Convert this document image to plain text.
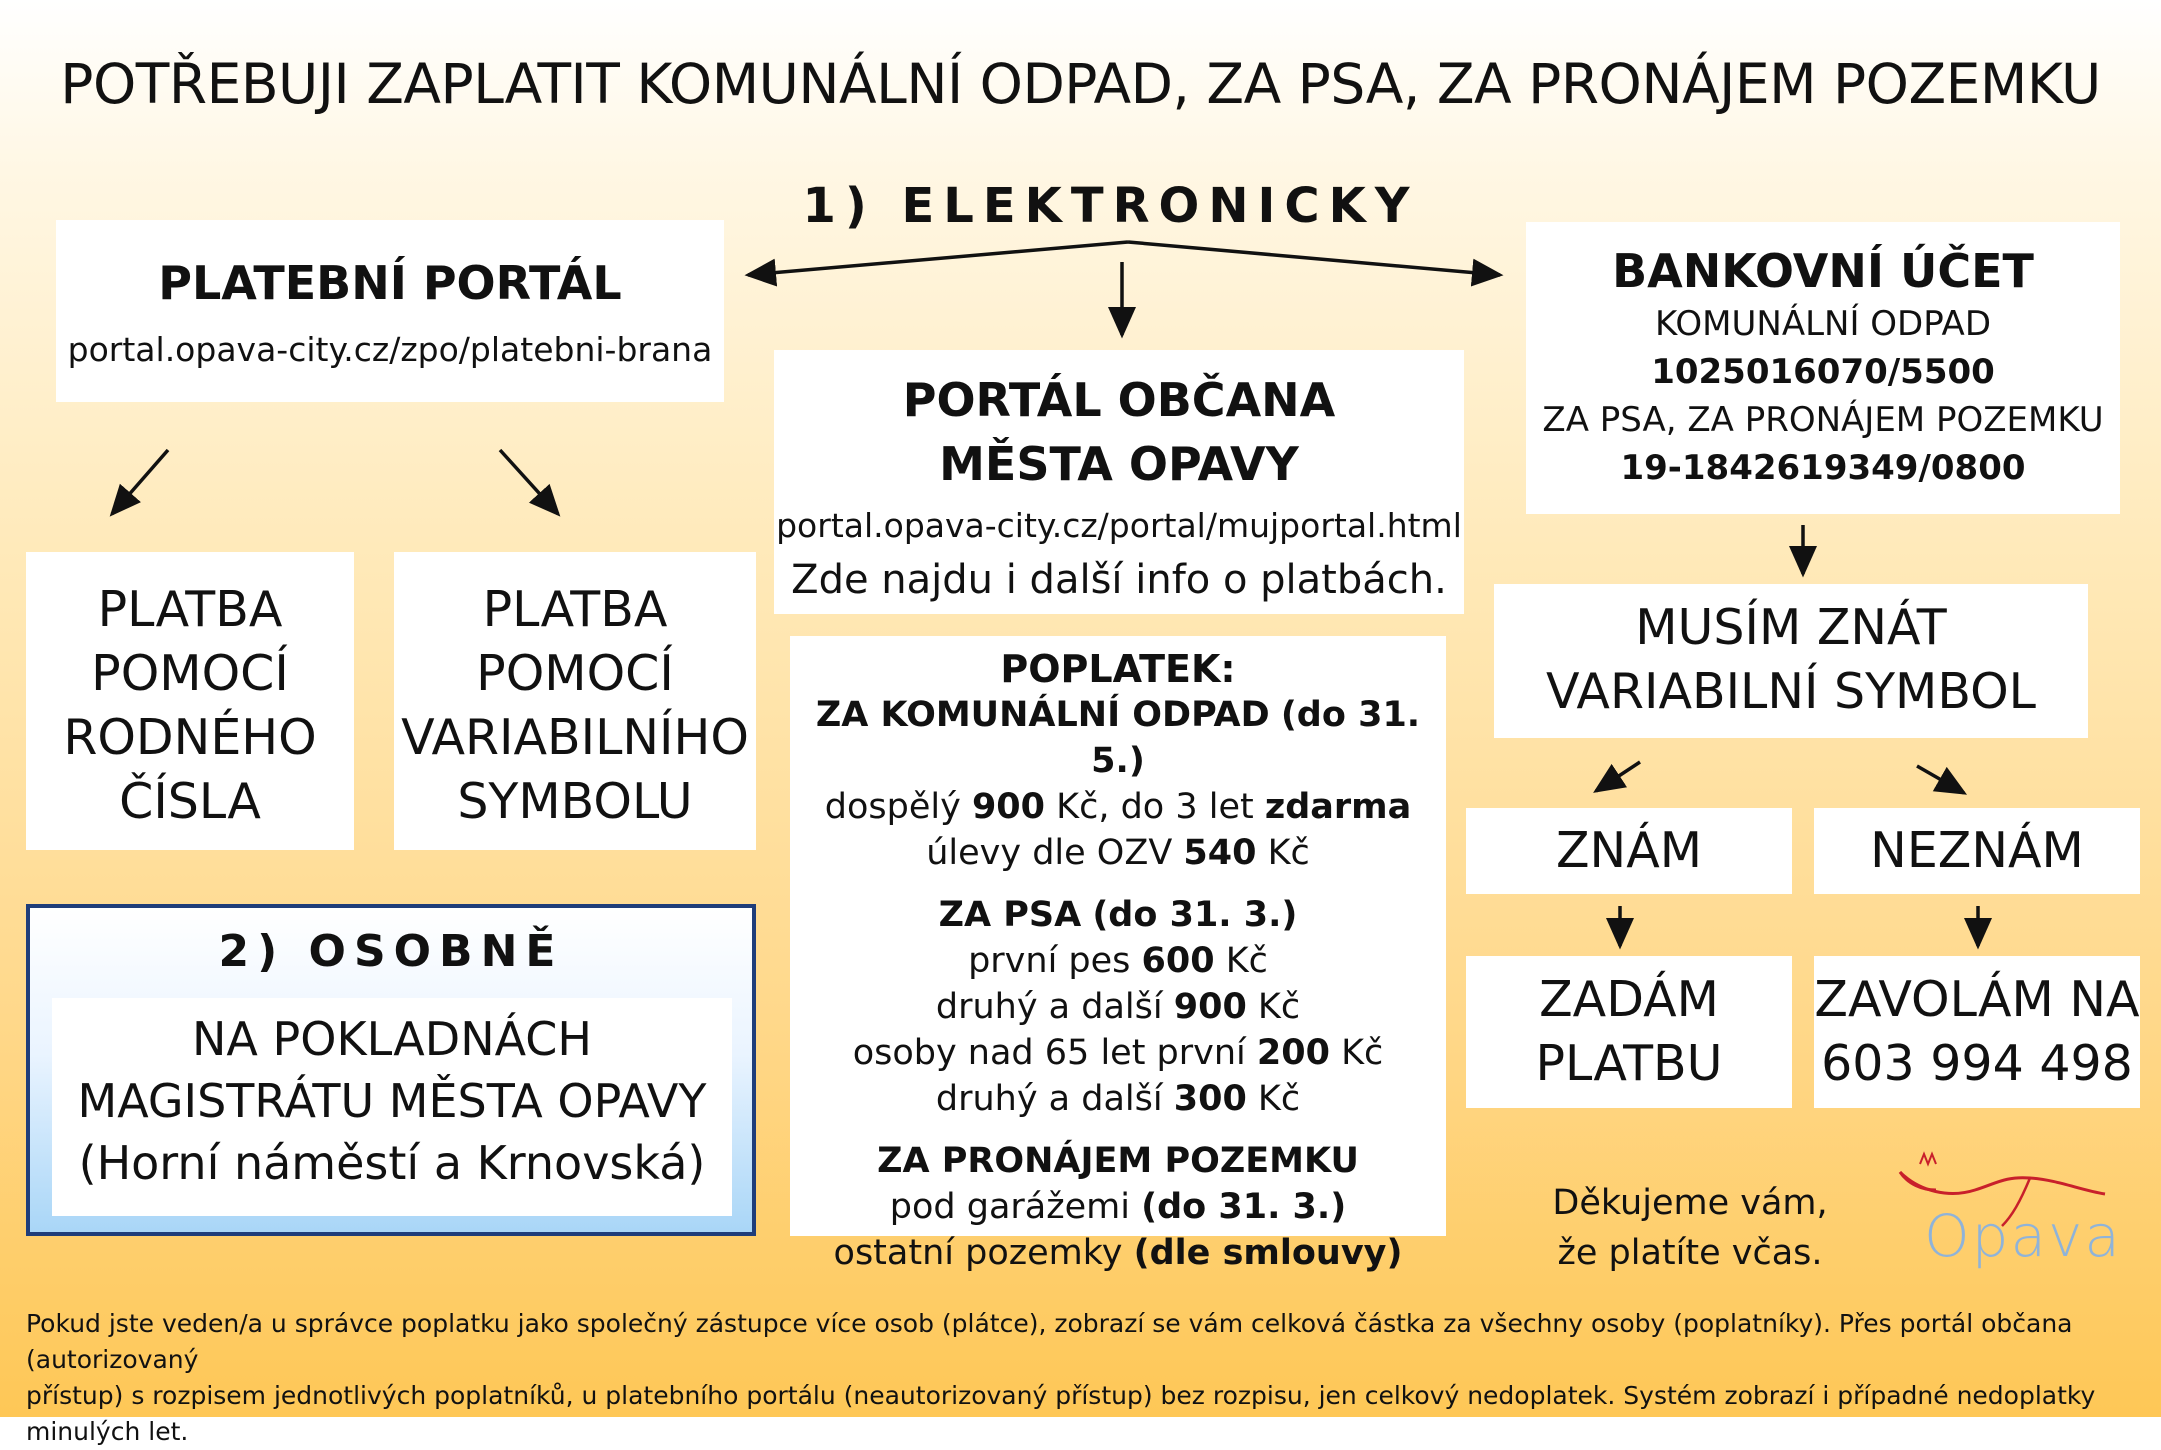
POTŘEBUJI ZAPLATIT KOMUNÁLNÍ ODPAD, ZA PSA, ZA PRONÁJEM POZEMKU
1) ELEKTRONICKY
PLATEBNÍ PORTÁL
portal.opava-city.cz/zpo/platebni-brana
PLATBA
POMOCÍ
RODNÉHO
ČÍSLA
PLATBA
POMOCÍ
VARIABILNÍHO
SYMBOLU
PORTÁL OBČANA
MĚSTA OPAVY
portal.opava-city.cz/portal/mujportal.html
Zde najdu i další info o platbách.
POPLATEK:
ZA KOMUNÁLNÍ ODPAD (do 31. 5.)
dospělý 900 Kč, do 3 let zdarma
úlevy dle OZV 540 Kč
ZA PSA (do 31. 3.)
první pes 600 Kč
druhý a další 900 Kč
osoby nad 65 let první 200 Kč
druhý a další 300 Kč
ZA PRONÁJEM POZEMKU
pod garážemi (do 31. 3.)
ostatní pozemky (dle smlouvy)
BANKOVNÍ ÚČET
KOMUNÁLNÍ ODPAD
1025016070/5500
ZA PSA, ZA PRONÁJEM POZEMKU
19-1842619349/0800
MUSÍM ZNÁT
VARIABILNÍ SYMBOL
ZNÁM	NEZNÁM
ZADÁM
PLATBU
ZAVOLÁM NA
603 994 498
2) OSOBNĚ
NA POKLADNÁCH
MAGISTRÁTU MĚSTA OPAVY
(Horní náměstí a Krnovská)
Děkujeme vám,
že platíte včas.	Opava
Pokud jste veden/a u správce poplatku jako společný zástupce více osob (plátce), zobrazí se vám celková částka za všechny osoby (poplatníky). Přes portál občana (autorizovaný
přístup) s rozpisem jednotlivých poplatníků, u platebního portálu (neautorizovaný přístup) bez rozpisu, jen celkový nedoplatek. Systém zobrazí i případné nedoplatky minulých let.
